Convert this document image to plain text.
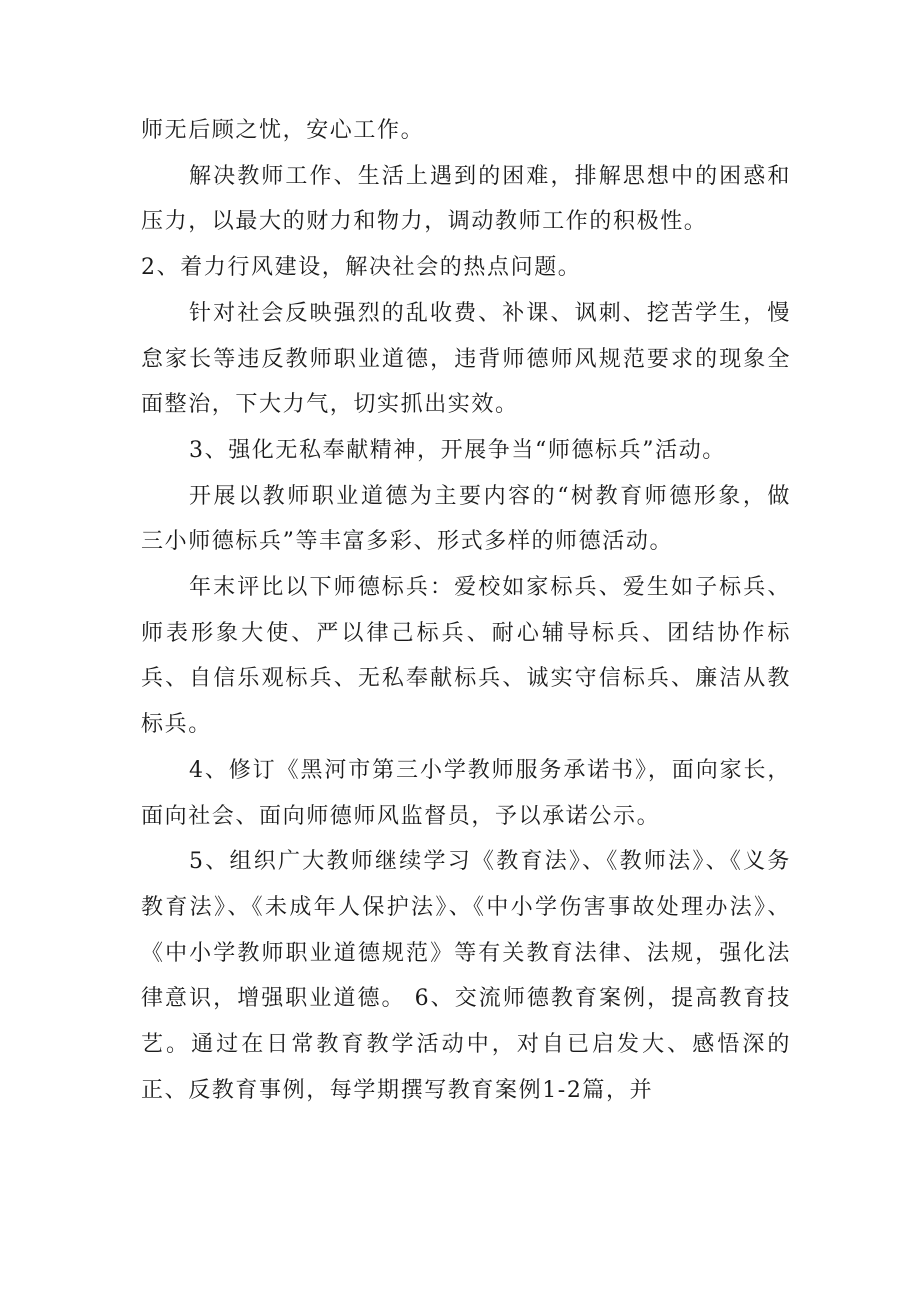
师无后顾之忧，安心工作。

解决教师工作、生活上遇到的困难，排解思想中的困惑和压力，以最大的财力和物力，调动教师工作的积极性。

2、着力行风建设，解决社会的热点问题。

针对社会反映强烈的乱收费、补课、讽刺、挖苦学生，慢怠家长等违反教师职业道德，违背师德师风规范要求的现象全面整治，下大力气，切实抓出实效。

3、强化无私奉献精神，开展争当“师德标兵”活动。

开展以教师职业道德为主要内容的“树教育师德形象，做三小师德标兵”等丰富多彩、形式多样的师德活动。

年末评比以下师德标兵：爱校如家标兵、爱生如子标兵、师表形象大使、严以律己标兵、耐心辅导标兵、团结协作标兵、自信乐观标兵、无私奉献标兵、诚实守信标兵、廉洁从教标兵。

4、修订《黑河市第三小学教师服务承诺书》，面向家长，面向社会、面向师德师风监督员，予以承诺公示。

5、组织广大教师继续学习《教育法》、《教师法》、《义务教育法》、《未成年人保护法》、《中小学伤害事故处理办法》、《中小学教师职业道德规范》等有关教育法律、法规，强化法律意识，增强职业道德。 6、交流师德教育案例，提高教育技艺。通过在日常教育教学活动中，对自已启发大、感悟深的正、反教育事例，每学期撰写教育案例1-2篇，并
